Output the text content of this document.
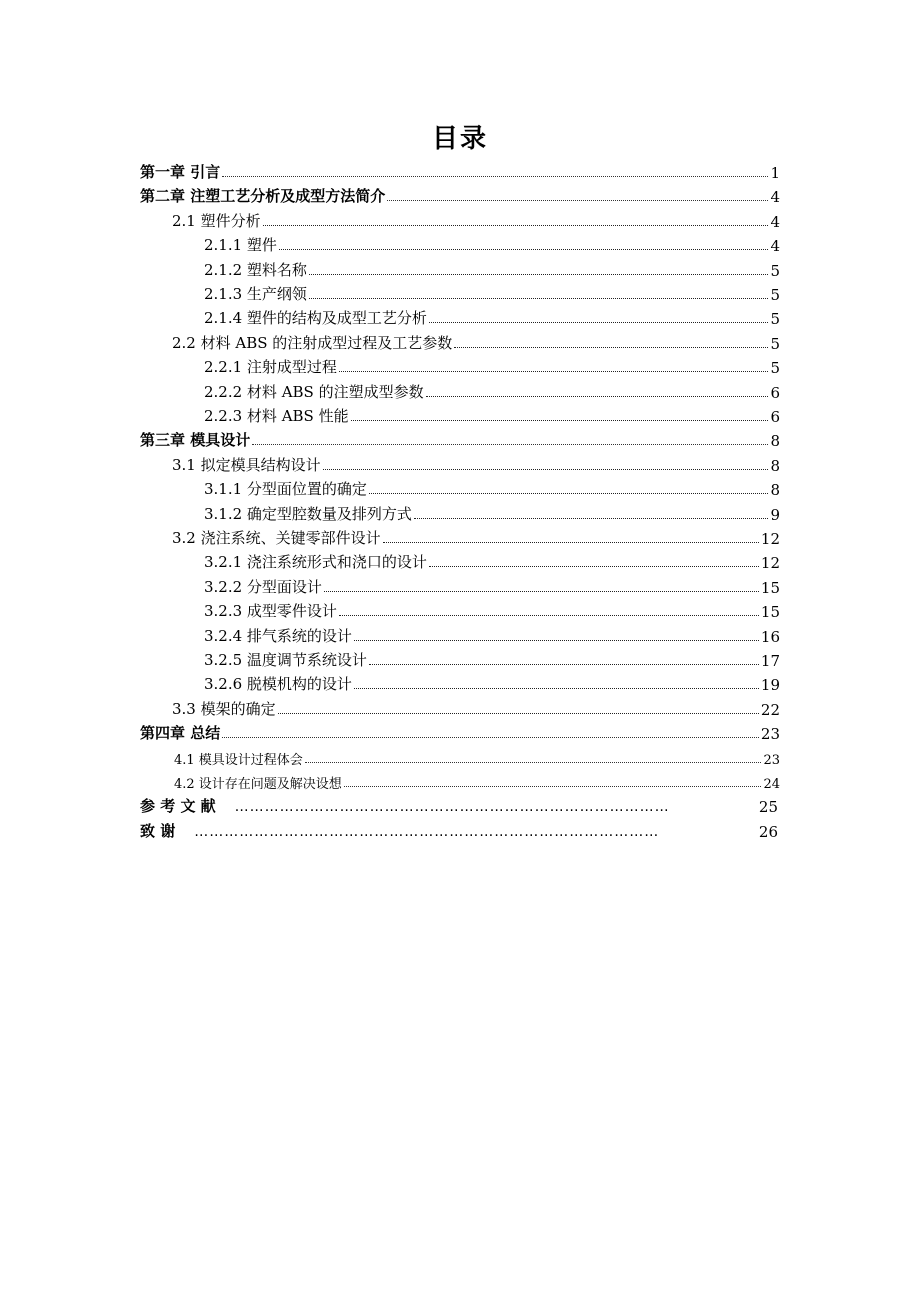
目录
第一章 引言	1
第二章 注塑工艺分析及成型方法简介	4
2.1 塑件分析	4
2.1.1 塑件	4
2.1.2 塑料名称	5
2.1.3 生产纲领	5
2.1.4 塑件的结构及成型工艺分析	5
2.2 材料 ABS 的注射成型过程及工艺参数	5
2.2.1 注射成型过程	5
2.2.2 材料 ABS 的注塑成型参数	6
2.2.3 材料 ABS 性能	6
第三章 模具设计	8
3.1 拟定模具结构设计	8
3.1.1 分型面位置的确定	8
3.1.2 确定型腔数量及排列方式	9
3.2 浇注系统、关键零部件设计	12
3.2.1 浇注系统形式和浇口的设计	12
3.2.2 分型面设计	15
3.2.3 成型零件设计	15
3.2.4 排气系统的设计	16
3.2.5 温度调节系统设计	17
3.2.6 脱模机构的设计	19
3.3 模架的确定	22
第四章 总结	23
4.1 模具设计过程体会	23
4.2 设计存在问题及解决设想	24
参 考 文 献	……………………………………………………………………………	25
致 谢	…………………………………………………………………………………	26
